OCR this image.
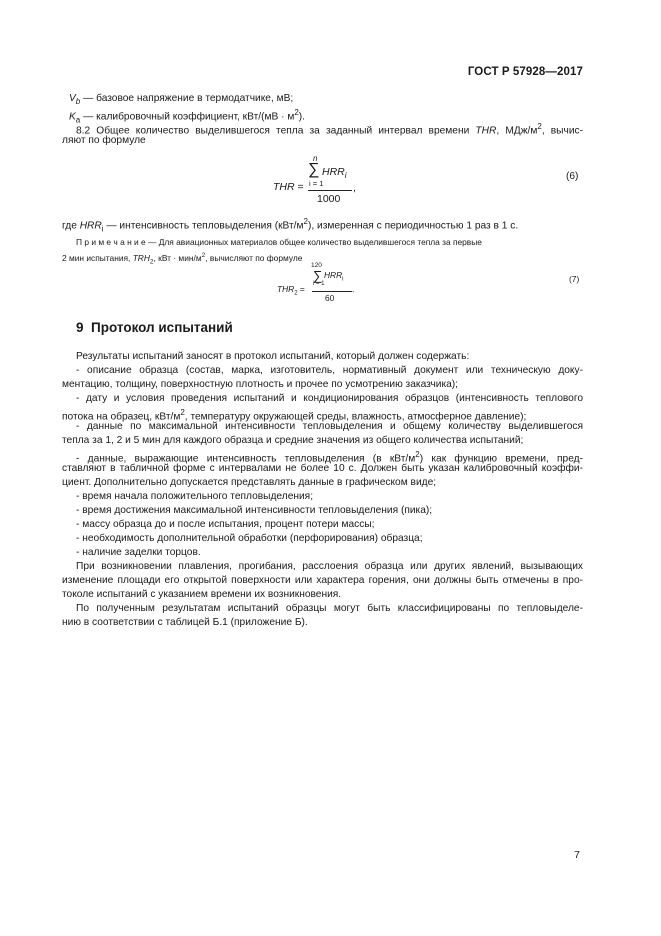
ГОСТ Р 57928—2017
$V_b$ — базовое напряжение в термодатчике, мВ;
$K_a$ — калибровочный коэффициент, $кВт/(мВ \cdot м^2)$.
8.2 Общее количество выделившегося тепла за заданный интервал времени THR, МДж/$м^2$, вычис-
ляют по формуле
n
∑ $HRR_i$
i = 1
THR =	,
1000
(6)
где $HRR_i$ — интенсивность тепловыделения $(кВт/м^2)$, измеренная с периодичностью 1 раз в 1 с.
П р и м е ч а н и е — Для авиационных материалов общее количество выделившегося тепла за первые
2 мин испытания, $TRH_2$, кВт · мин/$м^2$, вычисляют по формуле
120
∑ $HRR_i$
i = 1
$THR_2$ =	.
60
(7)
9 Протокол испытаний
Результаты испытаний заносят в протокол испытаний, который должен содержать:
- описание образца (состав, марка, изготовитель, нормативный документ или техническую доку-
ментацию, толщину, поверхностную плотность и прочее по усмотрению заказчика);
- дату и условия проведения испытаний и кондиционирования образцов (интенсивность теплового
потока на образец, кВт/$м^2$, температуру окружающей среды, влажность, атмосферное давление);
- данные по максимальной интенсивности тепловыделения и общему количеству выделившегося
тепла за 1, 2 и 5 мин для каждого образца и средние значения из общего количества испытаний;
- данные, выражающие интенсивность тепловыделения (в кВт/$м^2$) как функцию времени, пред-
ставляют в табличной форме с интервалами не более 10 с. Должен быть указан калибровочный коэффи-
циент. Дополнительно допускается представлять данные в графическом виде;
- время начала положительного тепловыделения;
- время достижения максимальной интенсивности тепловыделения (пика);
- массу образца до и после испытания, процент потери массы;
- необходимость дополнительной обработки (перфорирования) образца;
- наличие заделки торцов.
При возникновении плавления, прогибания, расслоения образца или других явлений, вызывающих
изменение площади его открытой поверхности или характера горения, они должны быть отмечены в про-
токоле испытаний с указанием времени их возникновения.
По полученным результатам испытаний образцы могут быть классифицированы по тепловыделе-
нию в соответствии с таблицей Б.1 (приложение Б).
7
